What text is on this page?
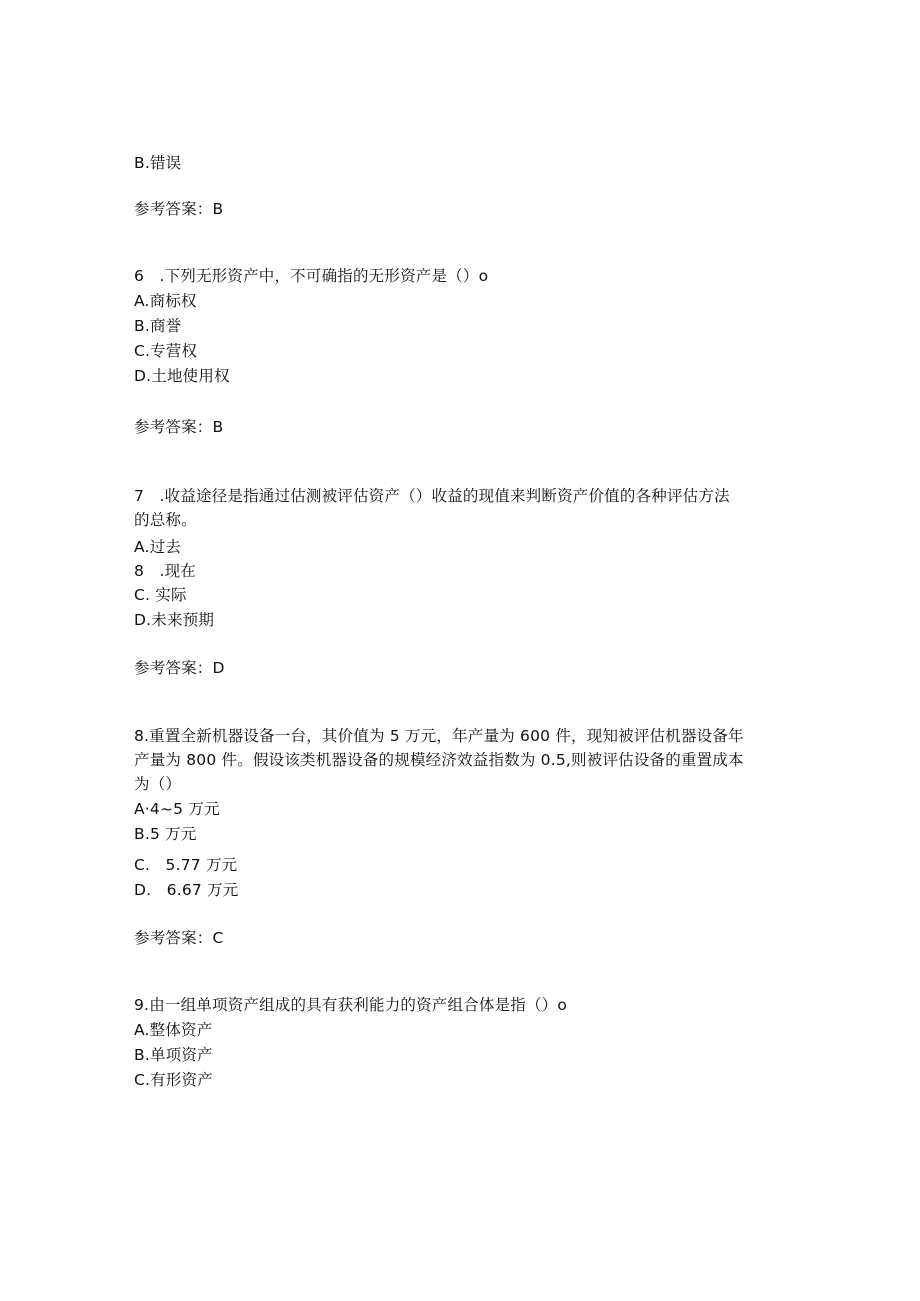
B.错误
参考答案：B
6   .下列无形资产中，不可确指的无形资产是（）o
A.商标权
B.商誉
C.专营权
D.土地使用权
参考答案：B
7   .收益途径是指通过估测被评估资产（）收益的现值来判断资产价值的各种评估方法
的总称。
A.过去
8   .现在
C. 实际
D.未来预期
参考答案：D
8.重置全新机器设备一台，其价值为 5 万元，年产量为 600 件，现知被评估机器设备年
产量为 800 件。假设该类机器设备的规模经济效益指数为 0.5,则被评估设备的重置成本
为（）
A·4~5 万元
B.5 万元
C.   5.77 万元
D.   6.67 万元
参考答案：C
9.由一组单项资产组成的具有获利能力的资产组合体是指（）o
A.整体资产
B.单项资产
C.有形资产
